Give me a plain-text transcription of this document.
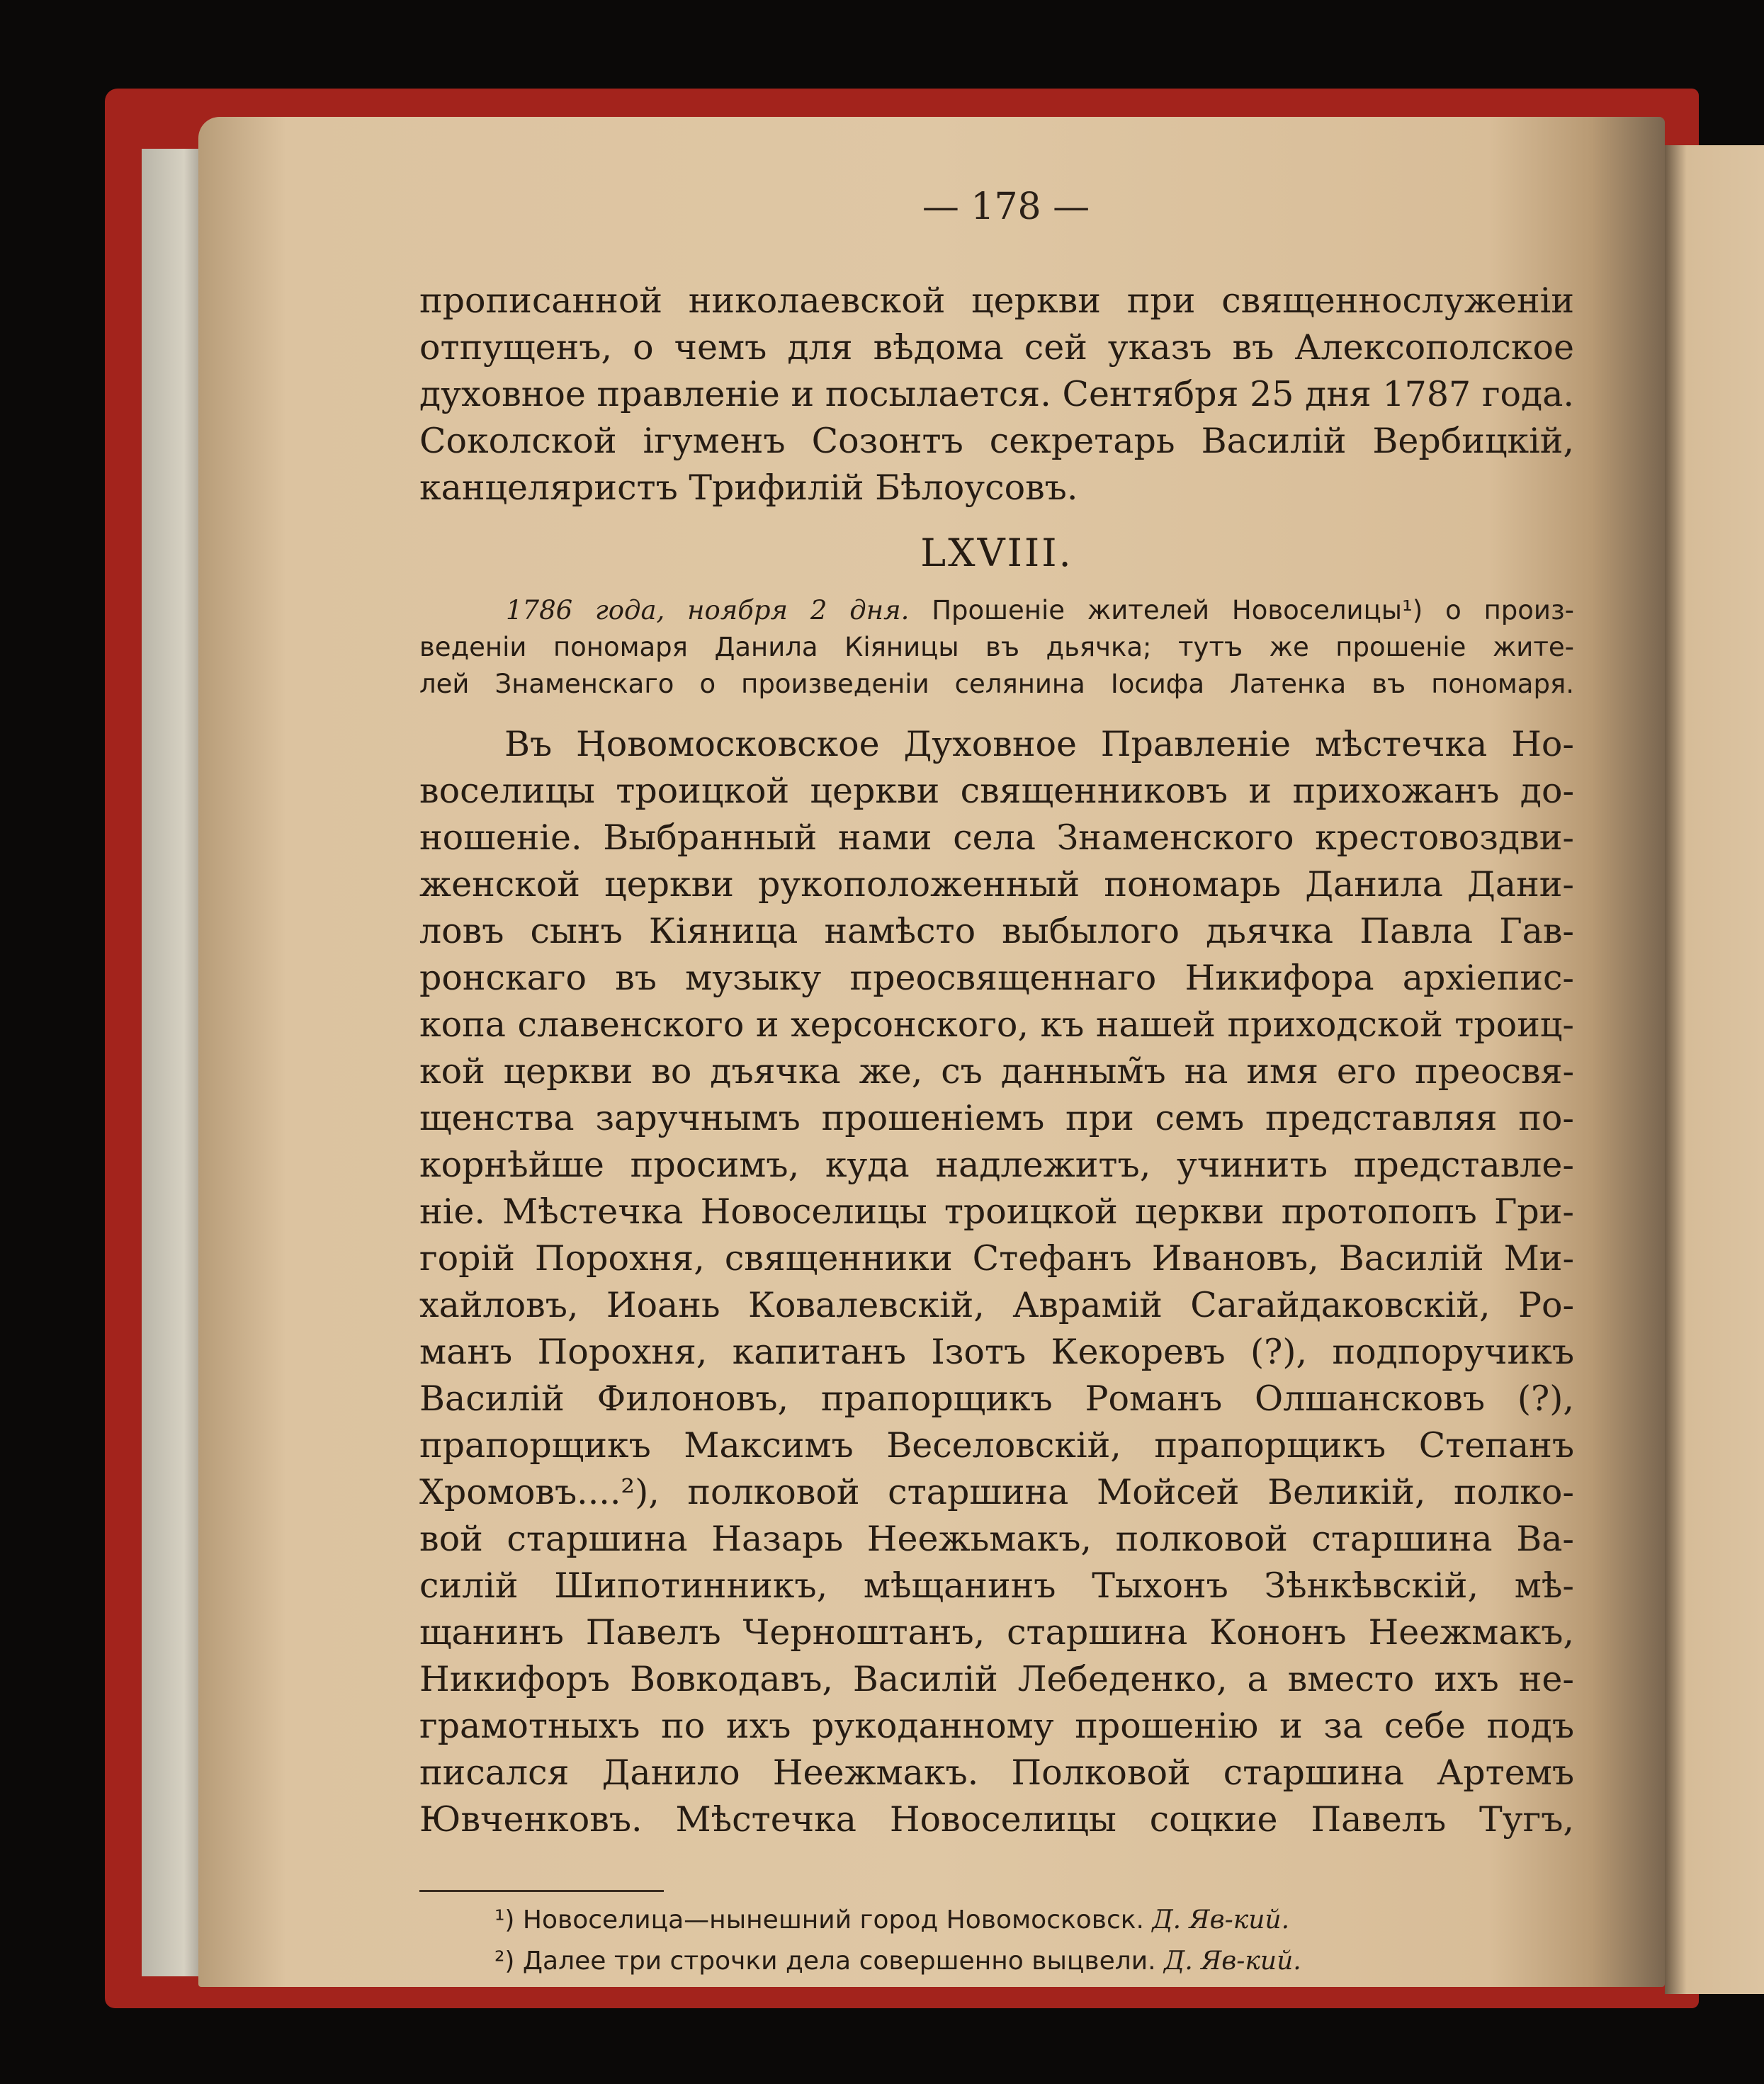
— 178 —
прописанной николаевской церкви при священнослуженіи
отпущенъ, о чемъ для вѣдома сей указъ въ Алексополское
духовное правленіе и посылается. Сентября 25 дня 1787 года.
Соколской ігуменъ Созонтъ секретарь Василій Вербицкій,
канцеляристъ Трифилій Бѣлоусовъ.
LXVIII.
1786 года, ноября 2 дня. Прошеніе жителей Новоселицы¹) о произ-
веденіи пономаря Данила Кіяницы въ дьячка; тутъ же прошеніе жите-
лей Знаменскаго о произведеніи селянина Іосифа Латенка въ пономаря.
Въ Ңовомосковское Духовное Правленіе мѣстечка Но-
воселицы троицкой церкви священниковъ и прихожанъ до-
ношеніе. Выбранный нами села Знаменского крестовоздви-
женской церкви рукоположенный пономарь Данила Дани-
ловъ сынъ Кіяница намѣсто выбылого дьячка Павла Гав-
ронскаго въ музыку преосвященнаго Никифора архіепис-
копа славенского и херсонского, къ нашей приходской троиц-
кой церкви во дъячка же, съ данным̃ъ на имя его преосвя-
щенства заручнымъ прошеніемъ при семъ представляя по-
корнѣйше просимъ, куда надлежитъ, учинить представле-
ніе. Мѣстечка Новоселицы троицкой церкви протопопъ Гри-
горій Порохня, священники Стефанъ Ивановъ, Василій Ми-
хайловъ, Иоань Ковалевскій, Аврамій Сагайдаковскій, Ро-
манъ Порохня, капитанъ Ізотъ Кекоревъ (?), подпоручикъ
Василій Филоновъ, прапорщикъ Романъ Олшансковъ (?),
прапорщикъ Максимъ Веселовскій, прапорщикъ Степанъ
Хромовъ....²), полковой старшина Мойсей Великій, полко-
вой старшина Назарь Неежьмакъ, полковой старшина Ва-
силій Шипотинникъ, мѣщанинъ Тыхонъ Зѣнкѣвскій, мѣ-
щанинъ Павелъ Черноштанъ, старшина Кононъ Неежмакъ,
Никифоръ Вовкодавъ, Василій Лебеденко, а вместо ихъ не-
грамотныхъ по ихъ рукоданному прошенію и за себе подъ
писался Данило Неежмакъ. Полковой старшина Артемъ
Ювченковъ. Мѣстечка Новоселицы соцкие Павелъ Тугъ,
¹) Новоселица—нынешний город Новомосковск. Д. Яв-кий.
²) Далее три строчки дела совершенно выцвели. Д. Яв-кий.
